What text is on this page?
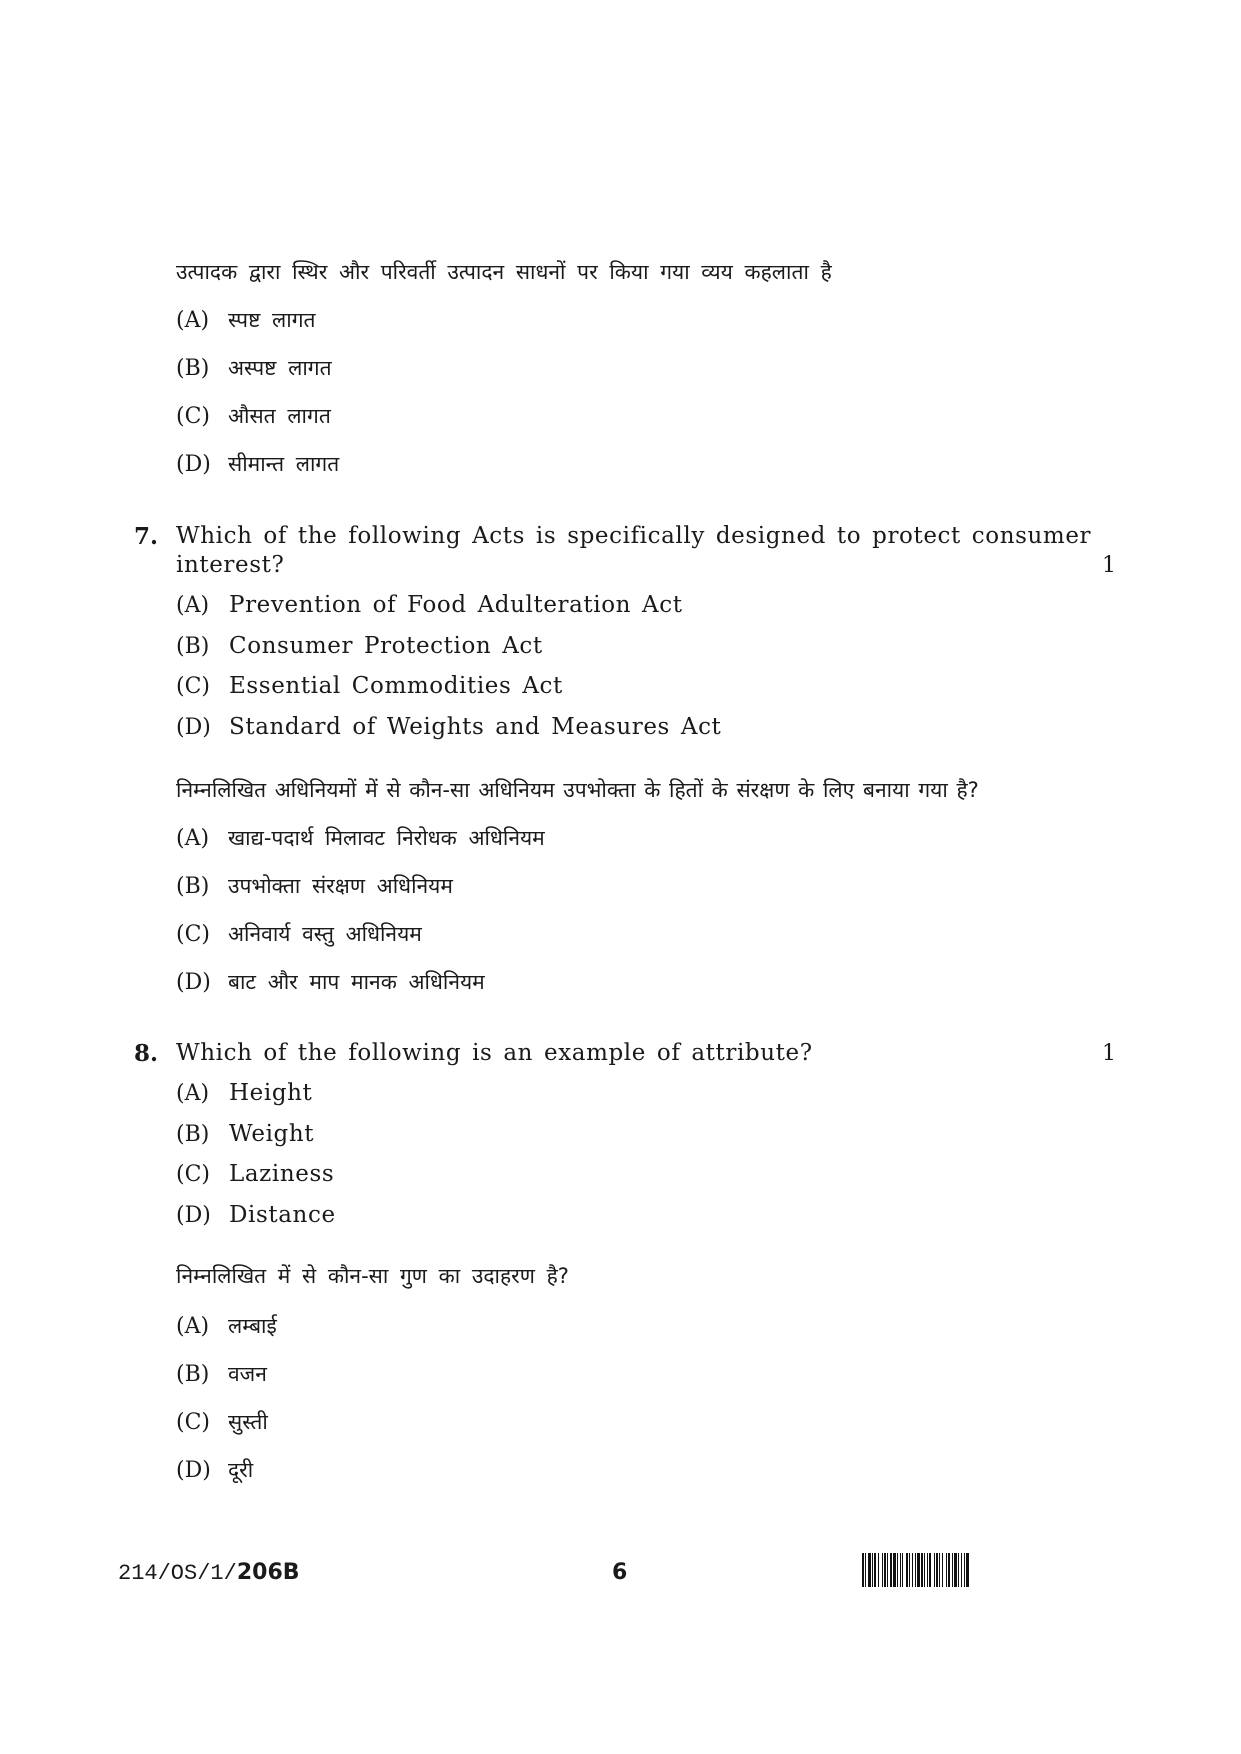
उत्पादक द्वारा स्थिर और परिवर्ती उत्पादन साधनों पर किया गया व्यय कहलाता है
(A) स्पष्ट लागत
(B) अस्पष्ट लागत
(C) औसत लागत
(D) सीमान्त लागत
7. Which of the following Acts is specifically designed to protect consumer
interest?	1
(A) Prevention of Food Adulteration Act
(B) Consumer Protection Act
(C) Essential Commodities Act
(D) Standard of Weights and Measures Act
निम्नलिखित अधिनियमों में से कौन-सा अधिनियम उपभोक्ता के हितों के संरक्षण के लिए बनाया गया है?
(A) खाद्य-पदार्थ मिलावट निरोधक अधिनियम
(B) उपभोक्ता संरक्षण अधिनियम
(C) अनिवार्य वस्तु अधिनियम
(D) बाट और माप मानक अधिनियम
8. Which of the following is an example of attribute?	1
(A) Height
(B) Weight
(C) Laziness
(D) Distance
निम्नलिखित में से कौन-सा गुण का उदाहरण है?
(A) लम्बाई
(B) वजन
(C) सुस्ती
(D) दूरी
214/OS/1/206B	6
